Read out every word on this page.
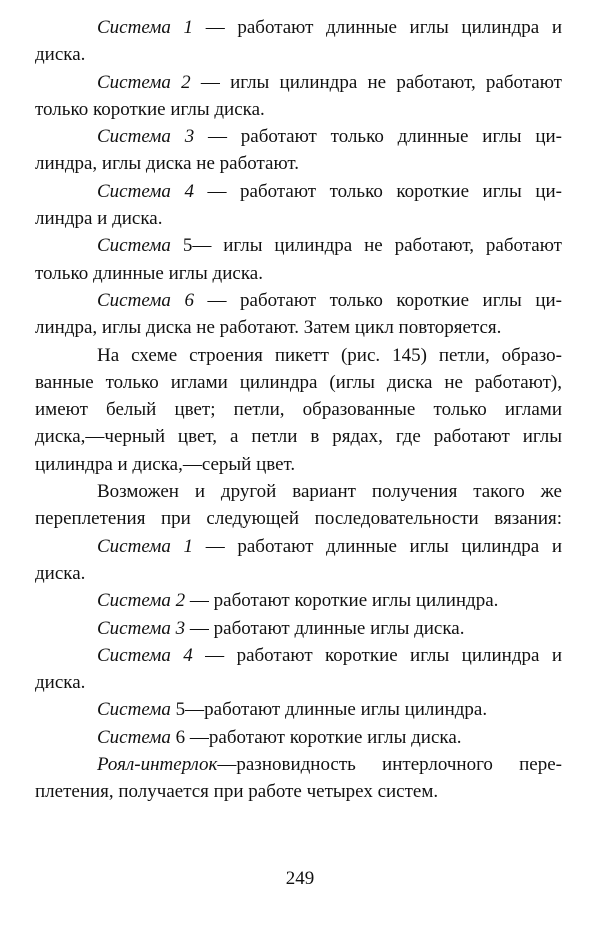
Система 1 — работают длинные иглы цилиндра и
диска.
Система 2 — иглы цилиндра не работают, работают
только короткие иглы диска.
Система 3 — работают только длинные иглы ци-
линдра, иглы диска не работают.
Система 4 — работают только короткие иглы ци-
линдра и диска.
Система 5— иглы цилиндра не работают, работают
только длинные иглы диска.
Система 6 — работают только короткие иглы ци-
линдра, иглы диска не работают. Затем цикл повторяется.
На схеме строения пикетт (рис. 145) петли, образо-
ванные только иглами цилиндра (иглы диска не работают),
имеют белый цвет; петли, образованные только иглами
диска,—черный цвет, а петли в рядах, где работают иглы
цилиндра и диска,—серый цвет.
Возможен и другой вариант получения такого же
переплетения при следующей последовательности вязания:
Система 1 — работают длинные иглы цилиндра и
диска.
Система 2 — работают короткие иглы цилиндра.
Система 3 — работают длинные иглы диска.
Система 4 — работают короткие иглы цилиндра и
диска.
Система 5—работают длинные иглы цилиндра.
Система 6 —работают короткие иглы диска.
Роял-интерлок—разновидность интерлочного пере-
плетения, получается при работе четырех систем.
249
